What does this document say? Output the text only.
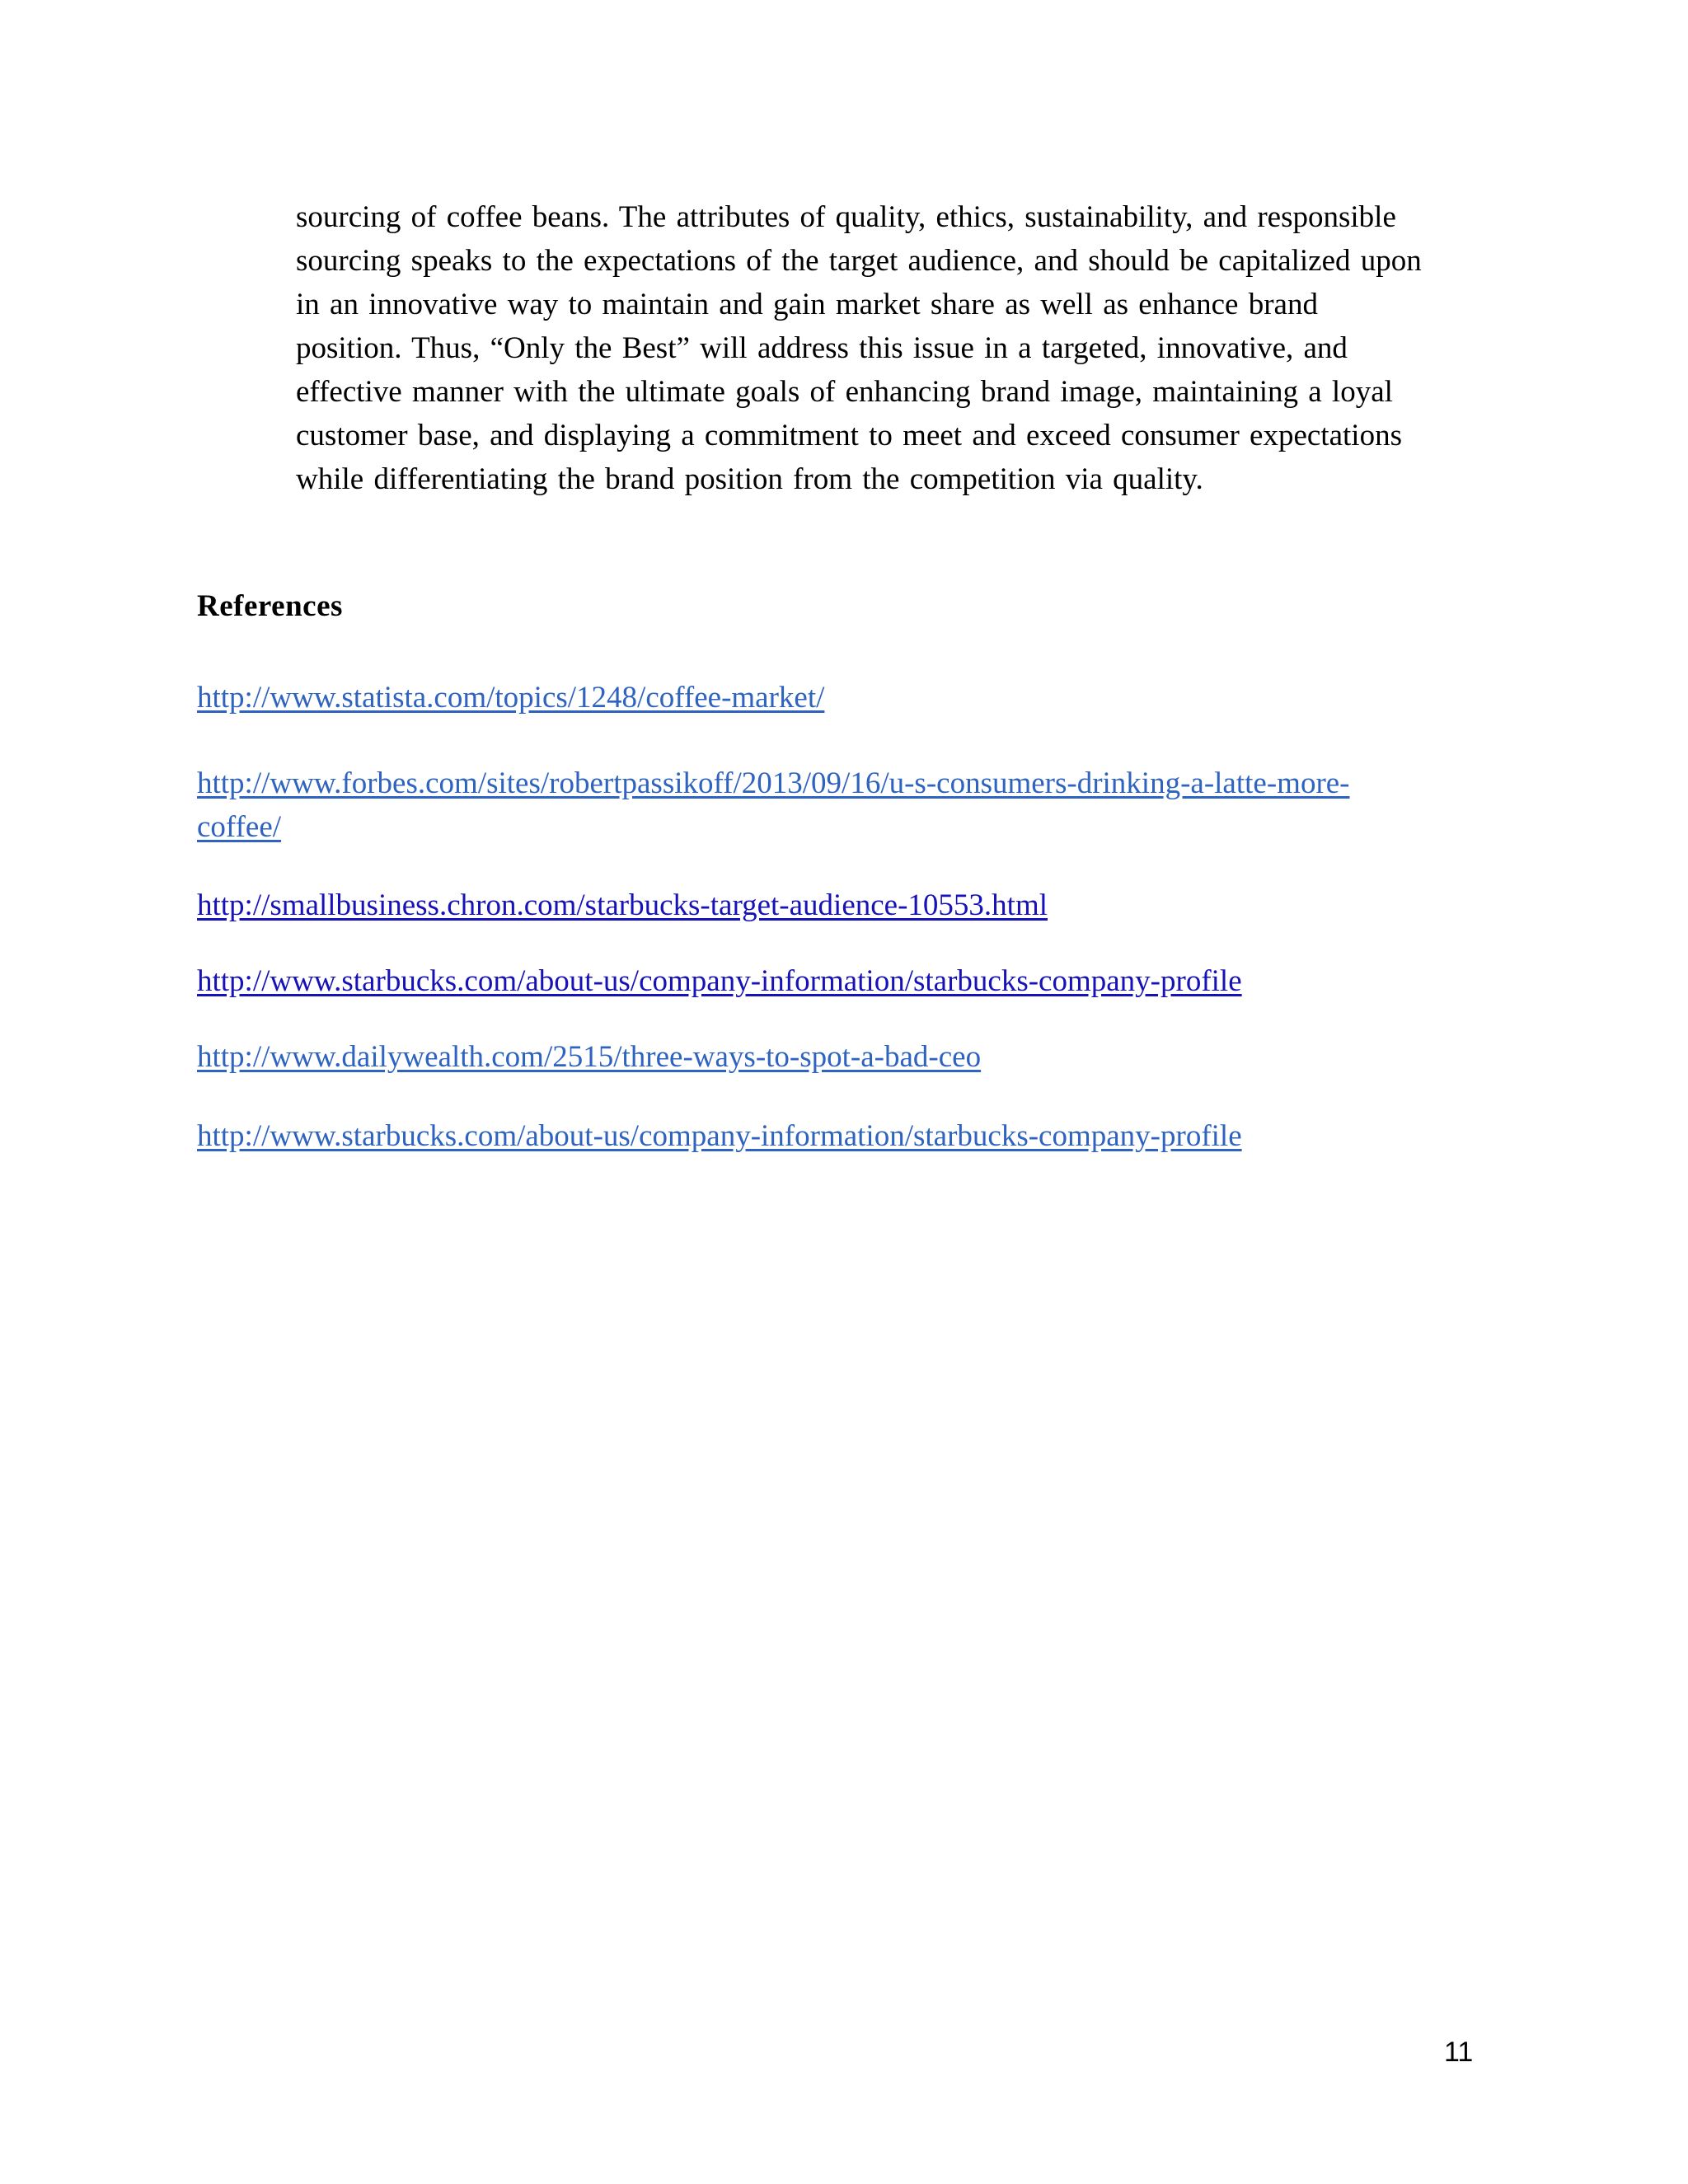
sourcing of coffee beans. The attributes of quality, ethics, sustainability, and responsible
sourcing speaks to the expectations of the target audience, and should be capitalized upon
in an innovative way to maintain and gain market share as well as enhance brand
position. Thus, “Only the Best” will address this issue in a targeted, innovative, and
effective manner with the ultimate goals of enhancing brand image, maintaining a loyal
customer base, and displaying a commitment to meet and exceed consumer expectations
while differentiating the brand position from the competition via quality.
References
http://www.statista.com/topics/1248/coffee-market/
http://www.forbes.com/sites/robertpassikoff/2013/09/16/u-s-consumers-drinking-a-latte-more-
coffee/
http://smallbusiness.chron.com/starbucks-target-audience-10553.html
http://www.starbucks.com/about-us/company-information/starbucks-company-profile
http://www.dailywealth.com/2515/three-ways-to-spot-a-bad-ceo
http://www.starbucks.com/about-us/company-information/starbucks-company-profile
11
